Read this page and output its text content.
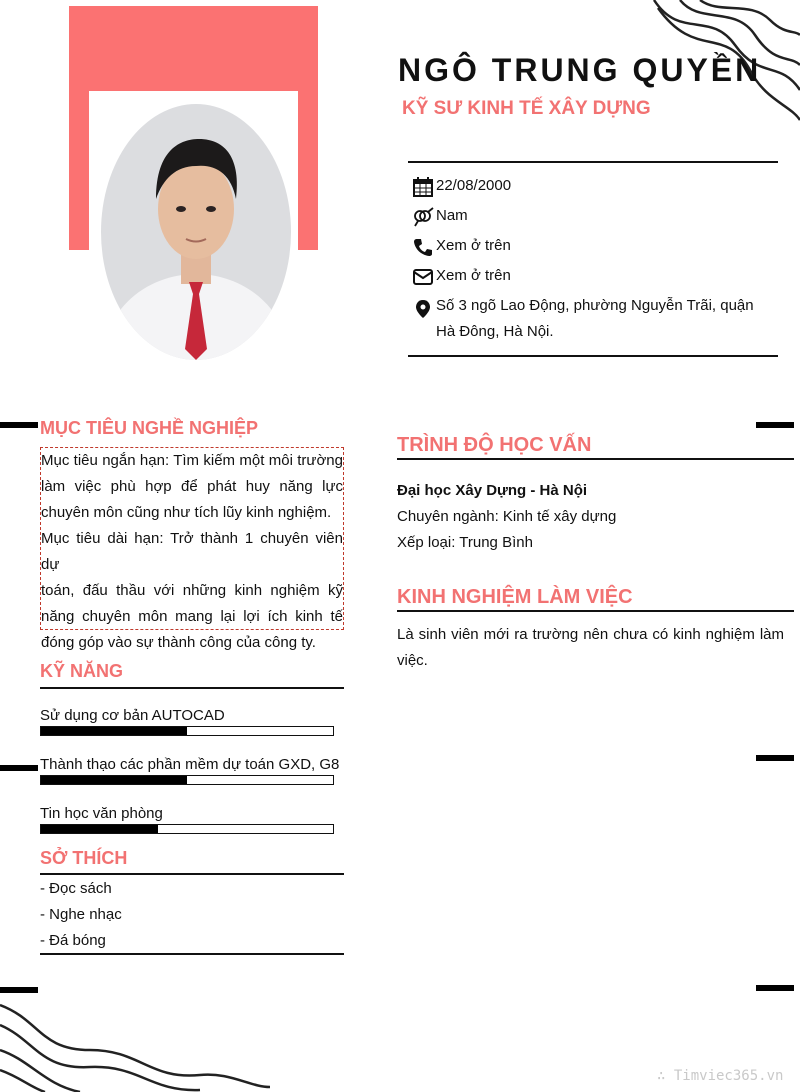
NGÔ TRUNG QUYỀN
KỸ SƯ KINH TẾ XÂY DỰNG
22/08/2000
Nam
Xem ở trên
Xem ở trên
Số 3 ngõ Lao Động, phường Nguyễn Trãi, quận
Hà Đông, Hà Nội.
MỤC TIÊU NGHỀ NGHIỆP
Mục tiêu ngắn hạn: Tìm kiếm một môi trường
làm việc phù hợp để phát huy năng lực
chuyên môn cũng như tích lũy kinh nghiệm.
Mục tiêu dài hạn: Trở thành 1 chuyên viên dự
toán, đấu thầu với những kinh nghiệm kỹ
năng chuyên môn mang lại lợi ích kinh tế
đóng góp vào sự thành công của công ty.
KỸ NĂNG
Sử dụng cơ bản AUTOCAD
Thành thạo các phần mềm dự toán GXD, G8
Tin học văn phòng
SỞ THÍCH
- Đọc sách
- Nghe nhạc
- Đá bóng
TRÌNH ĐỘ HỌC VẤN
Đại học Xây Dựng - Hà Nội
Chuyên ngành: Kinh tế xây dựng
Xếp loại: Trung Bình
KINH NGHIỆM LÀM VIỆC
Là sinh viên mới ra trường nên chưa có kinh nghiệm làm
việc.
∴ Timviec365.vn
